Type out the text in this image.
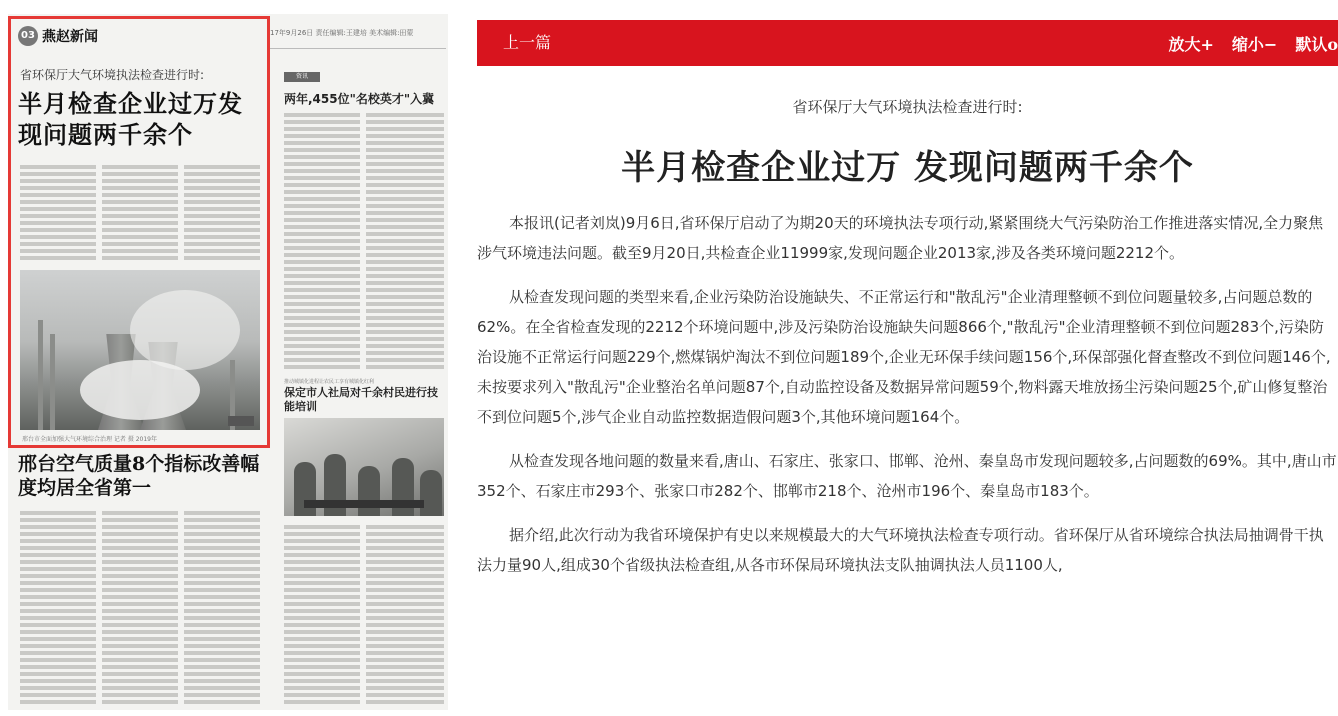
03 燕赵新闻	17年9月26日 责任编辑:王建培 美术编辑:田蒙
省环保厅大气环境执法检查进行时:
半月检查企业过万发现问题两千余个
邢台市全面加强大气环境综合治理 记者 摄 2019年
邢台空气质量8个指标改善幅度均居全省第一
资讯
两年,455位"名校英才"入冀
推动城镇化进程让农民工享有城镇化红利
保定市人社局对千余村民进行技能培训
上一篇	放大+ 缩小− 默认o
省环保厅大气环境执法检查进行时:
半月检查企业过万 发现问题两千余个

本报讯(记者刘岚)9月6日,省环保厅启动了为期20天的环境执法专项行动,紧紧围绕大气污染防治工作推进落实情况,全力聚焦涉气环境违法问题。截至9月20日,共检查企业11999家,发现问题企业2013家,涉及各类环境问题2212个。

从检查发现问题的类型来看,企业污染防治设施缺失、不正常运行和"散乱污"企业清理整顿不到位问题量较多,占问题总数的62%。在全省检查发现的2212个环境问题中,涉及污染防治设施缺失问题866个,"散乱污"企业清理整顿不到位问题283个,污染防治设施不正常运行问题229个,燃煤锅炉淘汰不到位问题189个,企业无环保手续问题156个,环保部强化督查整改不到位问题146个,未按要求列入"散乱污"企业整治名单问题87个,自动监控设备及数据异常问题59个,物料露天堆放扬尘污染问题25个,矿山修复整治不到位问题5个,涉气企业自动监控数据造假问题3个,其他环境问题164个。

从检查发现各地问题的数量来看,唐山、石家庄、张家口、邯郸、沧州、秦皇岛市发现问题较多,占问题数的69%。其中,唐山市352个、石家庄市293个、张家口市282个、邯郸市218个、沧州市196个、秦皇岛市183个。

据介绍,此次行动为我省环境保护有史以来规模最大的大气环境执法检查专项行动。省环保厅从省环境综合执法局抽调骨干执法力量90人,组成30个省级执法检查组,从各市环保局环境执法支队抽调执法人员1100人,
